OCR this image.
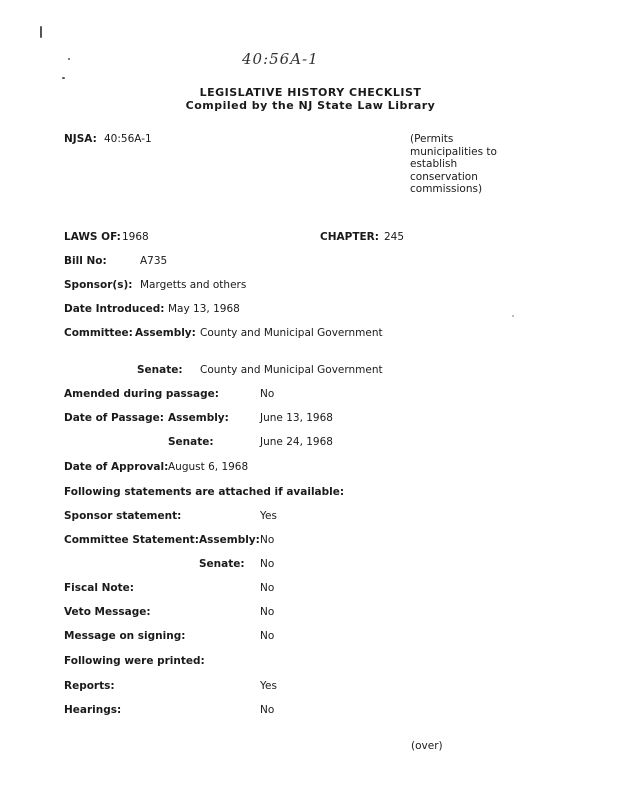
40:56A-1
LEGISLATIVE HISTORY CHECKLIST
Compiled by the NJ State Law Library
NJSA: 40:56A-1	(Permits
municipalities to
establish
conservation
commissions)
LAWS OF: 1968	CHAPTER: 245
Bill No:	A735
Sponsor(s): Margetts and others
Date Introduced: May 13, 1968
Committee: Assembly: County and Municipal Government
Senate: County and Municipal Government
Amended during passage:	No
Date of Passage: Assembly:	June 13, 1968
Senate:	June 24, 1968
Date of Approval: August 6, 1968
Following statements are attached if available:
Sponsor statement:	Yes
Committee Statement: Assembly: No
Senate: No
Fiscal Note:	No
Veto Message:	No
Message on signing:	No
Following were printed:
Reports:	Yes
Hearings:	No
(over)
